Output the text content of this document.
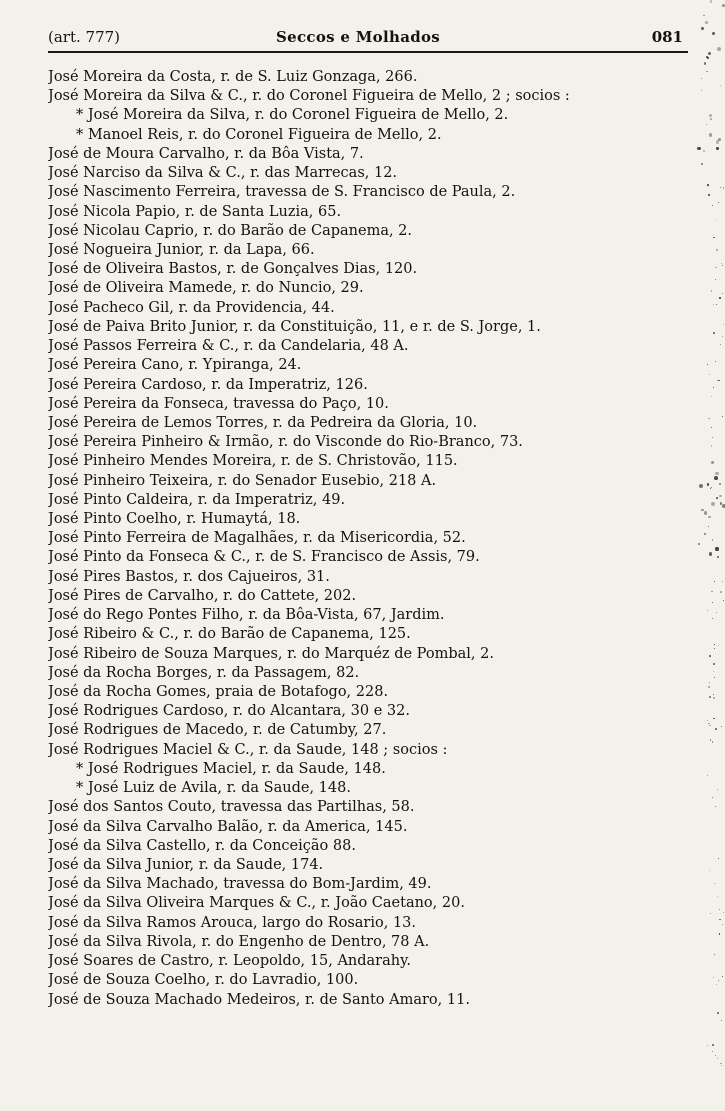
(art. 777)	Seccos e Molhados	081
José Moreira da Costa, r. de S. Luiz Gonzaga, 266.
José Moreira da Silva & C., r. do Coronel Figueira de Mello, 2 ; socios :
* José Moreira da Silva, r. do Coronel Figueira de Mello, 2.
* Manoel Reis, r. do Coronel Figueira de Mello, 2.
José de Moura Carvalho, r. da Bôa Vista, 7.
José Narciso da Silva & C., r. das Marrecas, 12.
José Nascimento Ferreira, travessa de S. Francisco de Paula, 2.
José Nicola Papio, r. de Santa Luzia, 65.
José Nicolau Caprio, r. do Barão de Capanema, 2.
José Nogueira Junior, r. da Lapa, 66.
José de Oliveira Bastos, r. de Gonçalves Dias, 120.
José de Oliveira Mamede, r. do Nuncio, 29.
José Pacheco Gil, r. da Providencia, 44.
José de Paiva Brito Junior, r. da Constituição, 11, e r. de S. Jorge, 1.
José Passos Ferreira & C., r. da Candelaria, 48 A.
José Pereira Cano, r. Ypiranga, 24.
José Pereira Cardoso, r. da Imperatriz, 126.
José Pereira da Fonseca, travessa do Paço, 10.
José Pereira de Lemos Torres, r. da Pedreira da Gloria, 10.
José Pereira Pinheiro & Irmão, r. do Visconde do Rio-Branco, 73.
José Pinheiro Mendes Moreira, r. de S. Christovão, 115.
José Pinheiro Teixeira, r. do Senador Eusebio, 218 A.
José Pinto Caldeira, r. da Imperatriz, 49.
José Pinto Coelho, r. Humaytá, 18.
José Pinto Ferreira de Magalhães, r. da Misericordia, 52.
José Pinto da Fonseca & C., r. de S. Francisco de Assis, 79.
José Pires Bastos, r. dos Cajueiros, 31.
José Pires de Carvalho, r. do Cattete, 202.
José do Rego Pontes Filho, r. da Bôa-Vista, 67, Jardim.
José Ribeiro & C., r. do Barão de Capanema, 125.
José Ribeiro de Souza Marques, r. do Marquéz de Pombal, 2.
José da Rocha Borges, r. da Passagem, 82.
José da Rocha Gomes, praia de Botafogo, 228.
José Rodrigues Cardoso, r. do Alcantara, 30 e 32.
José Rodrigues de Macedo, r. de Catumby, 27.
José Rodrigues Maciel & C., r. da Saude, 148 ; socios :
* José Rodrigues Maciel, r. da Saude, 148.
* José Luiz de Avila, r. da Saude, 148.
José dos Santos Couto, travessa das Partilhas, 58.
José da Silva Carvalho Balão, r. da America, 145.
José da Silva Castello, r. da Conceição 88.
José da Silva Junior, r. da Saude, 174.
José da Silva Machado, travessa do Bom-Jardim, 49.
José da Silva Oliveira Marques & C., r. João Caetano, 20.
José da Silva Ramos Arouca, largo do Rosario, 13.
José da Silva Rivola, r. do Engenho de Dentro, 78 A.
José Soares de Castro, r. Leopoldo, 15, Andarahy.
José de Souza Coelho, r. do Lavradio, 100.
José de Souza Machado Medeiros, r. de Santo Amaro, 11.
